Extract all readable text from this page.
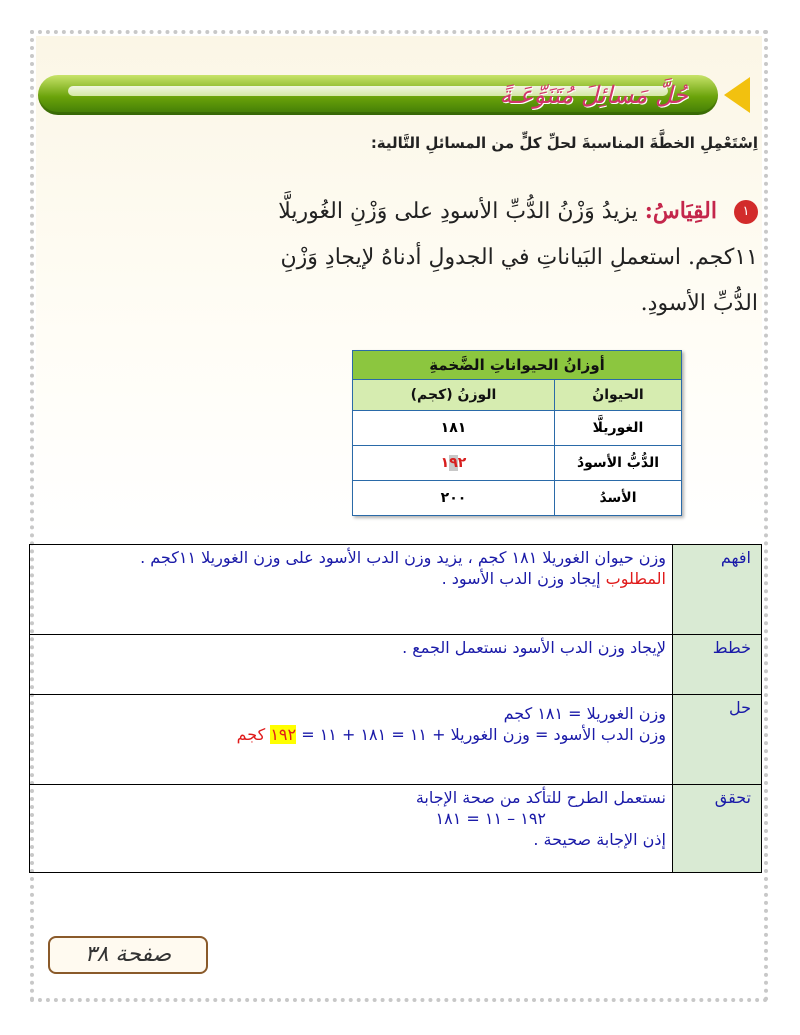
حُلَّ مَسائِلَ مُتَنَوِّعَـةً
اِسْتَعْمِلِ الخطَّةَ المناسبةَ لحلِّ كلٍّ من المسائلِ التَّالية:
١ القِيَاسُ: يزيدُ وَزْنُ الدُّبِّ الأسودِ على وَزْنِ الغُوريلَّا ١١كجم. استعملِ البَياناتِ في الجدولِ أدناهُ لإيجادِ وَزْنِ الدُّبِّ الأسودِ.
أوزانُ الحيواناتِ الضَّخمةِ	
الحيوانُ	الوزنُ (كجم)
الغوريلَّا	١٨١
الدُّبُّ الأسودُ	١٩٢
الأسدُ	٢٠٠
افهم	وزن حيوان الغوريلا ١٨١ كجم ، يزيد وزن الدب الأسود على وزن الغوريلا ١١كجم .
المطلوب إيجاد وزن الدب الأسود .

خطط	لإيجاد وزن الدب الأسود نستعمل الجمع .
حل	وزن الغوريلا = ١٨١ كجم
وزن الدب الأسود = وزن الغوريلا + ١١ = ١٨١ + ١١ = ١٩٢ كجم

تحقق	نستعمل الطرح للتأكد من صحة الإجابة
١٩٢ – ١١ = ١٨١
إذن الإجابة صحيحة .
صفحة ٣٨
